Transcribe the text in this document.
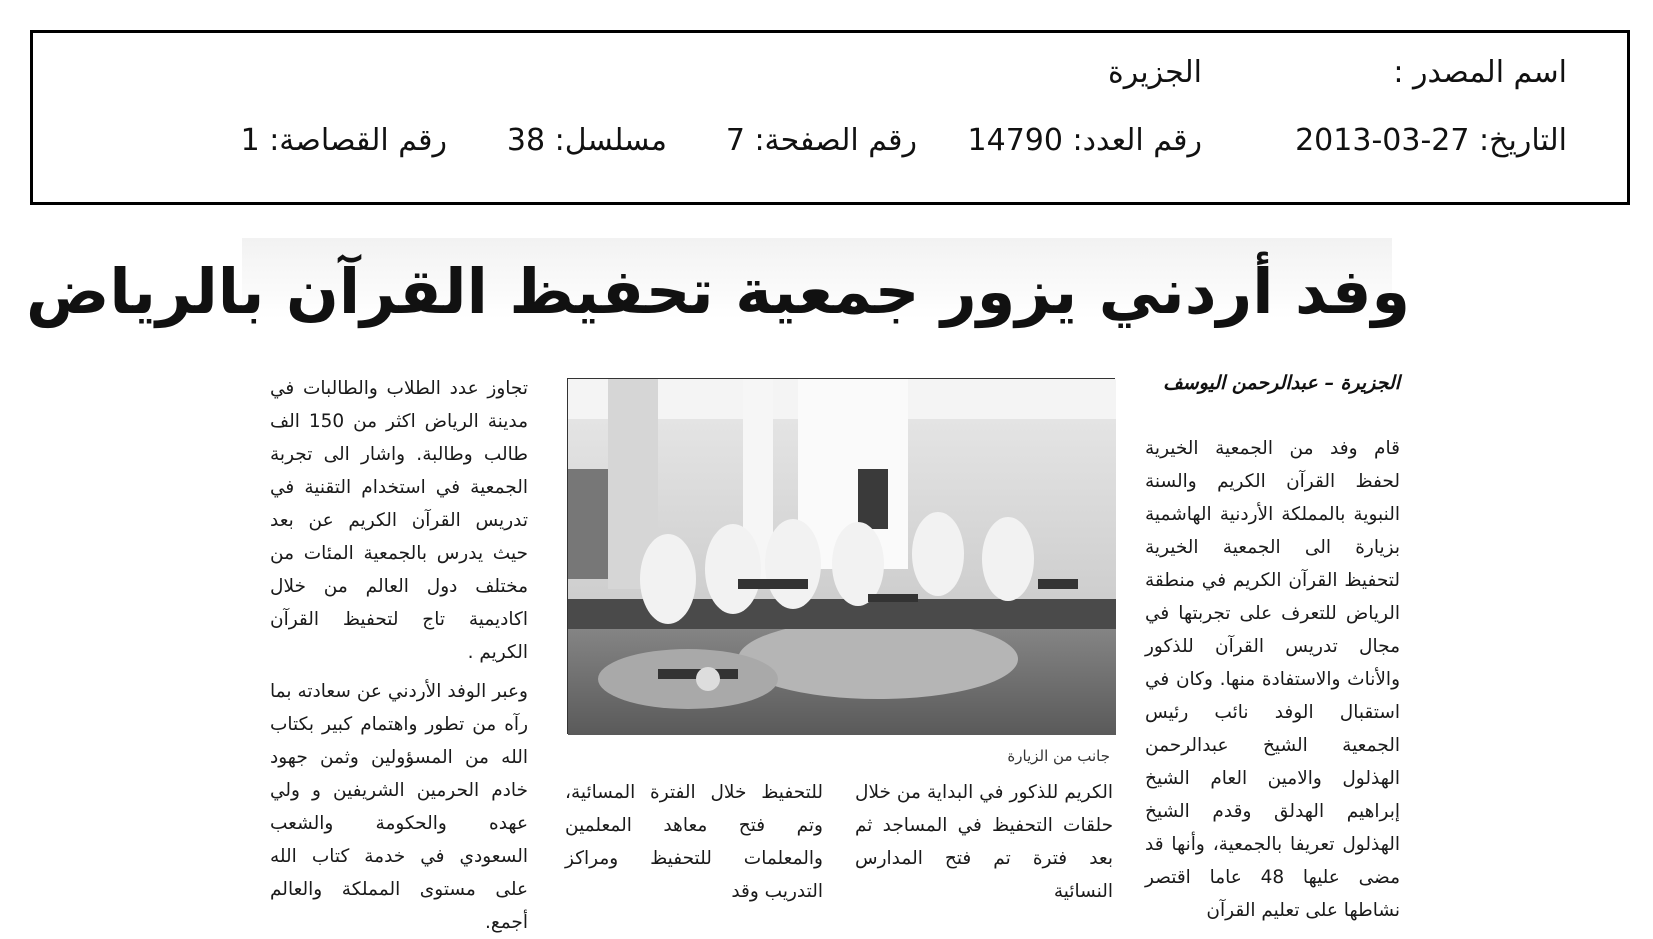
اسم المصدر :
الجزيرة
التاريخ: 27-03-2013
رقم العدد: 14790
رقم الصفحة: 7
مسلسل: 38
رقم القصاصة: 1
وفد أردني يزور جمعية تحفيظ القرآن بالرياض
الجزيرة – عبدالرحمن اليوسف

قام وفد من الجمعية الخيرية لحفظ القرآن الكريم والسنة النبوية بالمملكة الأردنية الهاشمية بزيارة الى الجمعية الخيرية لتحفيظ القرآن الكريم في منطقة الرياض للتعرف على تجربتها في مجال تدريس القرآن للذكور والأناث والاستفادة منها. وكان في استقبال الوفد نائب رئيس الجمعية الشيخ عبدالرحمن الهذلول والامين العام الشيخ إبراهيم الهدلق وقدم الشيخ الهذلول تعريفا بالجمعية، وأنها قد مضى عليها 48 عاما اقتصر نشاطها على تعليم القرآن

جانب من الزيارة

الكريم للذكور في البداية من خلال حلقات التحفيظ في المساجد ثم بعد فترة تم فتح المدارس النسائية

للتحفيظ خلال الفترة المسائية، وتم فتح معاهد المعلمين والمعلمات للتحفيظ ومراكز التدريب وقد

تجاوز عدد الطلاب والطالبات في مدينة الرياض اكثر من 150 الف طالب وطالبة. واشار الى تجربة الجمعية في استخدام التقنية في تدريس القرآن الكريم عن بعد حيث يدرس بالجمعية المئات من مختلف دول العالم من خلال اكاديمية تاج لتحفيظ القرآن الكريم .

وعبر الوفد الأردني عن سعادته بما رآه من تطور واهتمام كبير بكتاب الله من المسؤولين وثمن جهود خادم الحرمين الشريفين و ولي عهده والحكومة والشعب السعودي في خدمة كتاب الله على مستوى المملكة والعالم أجمع.
